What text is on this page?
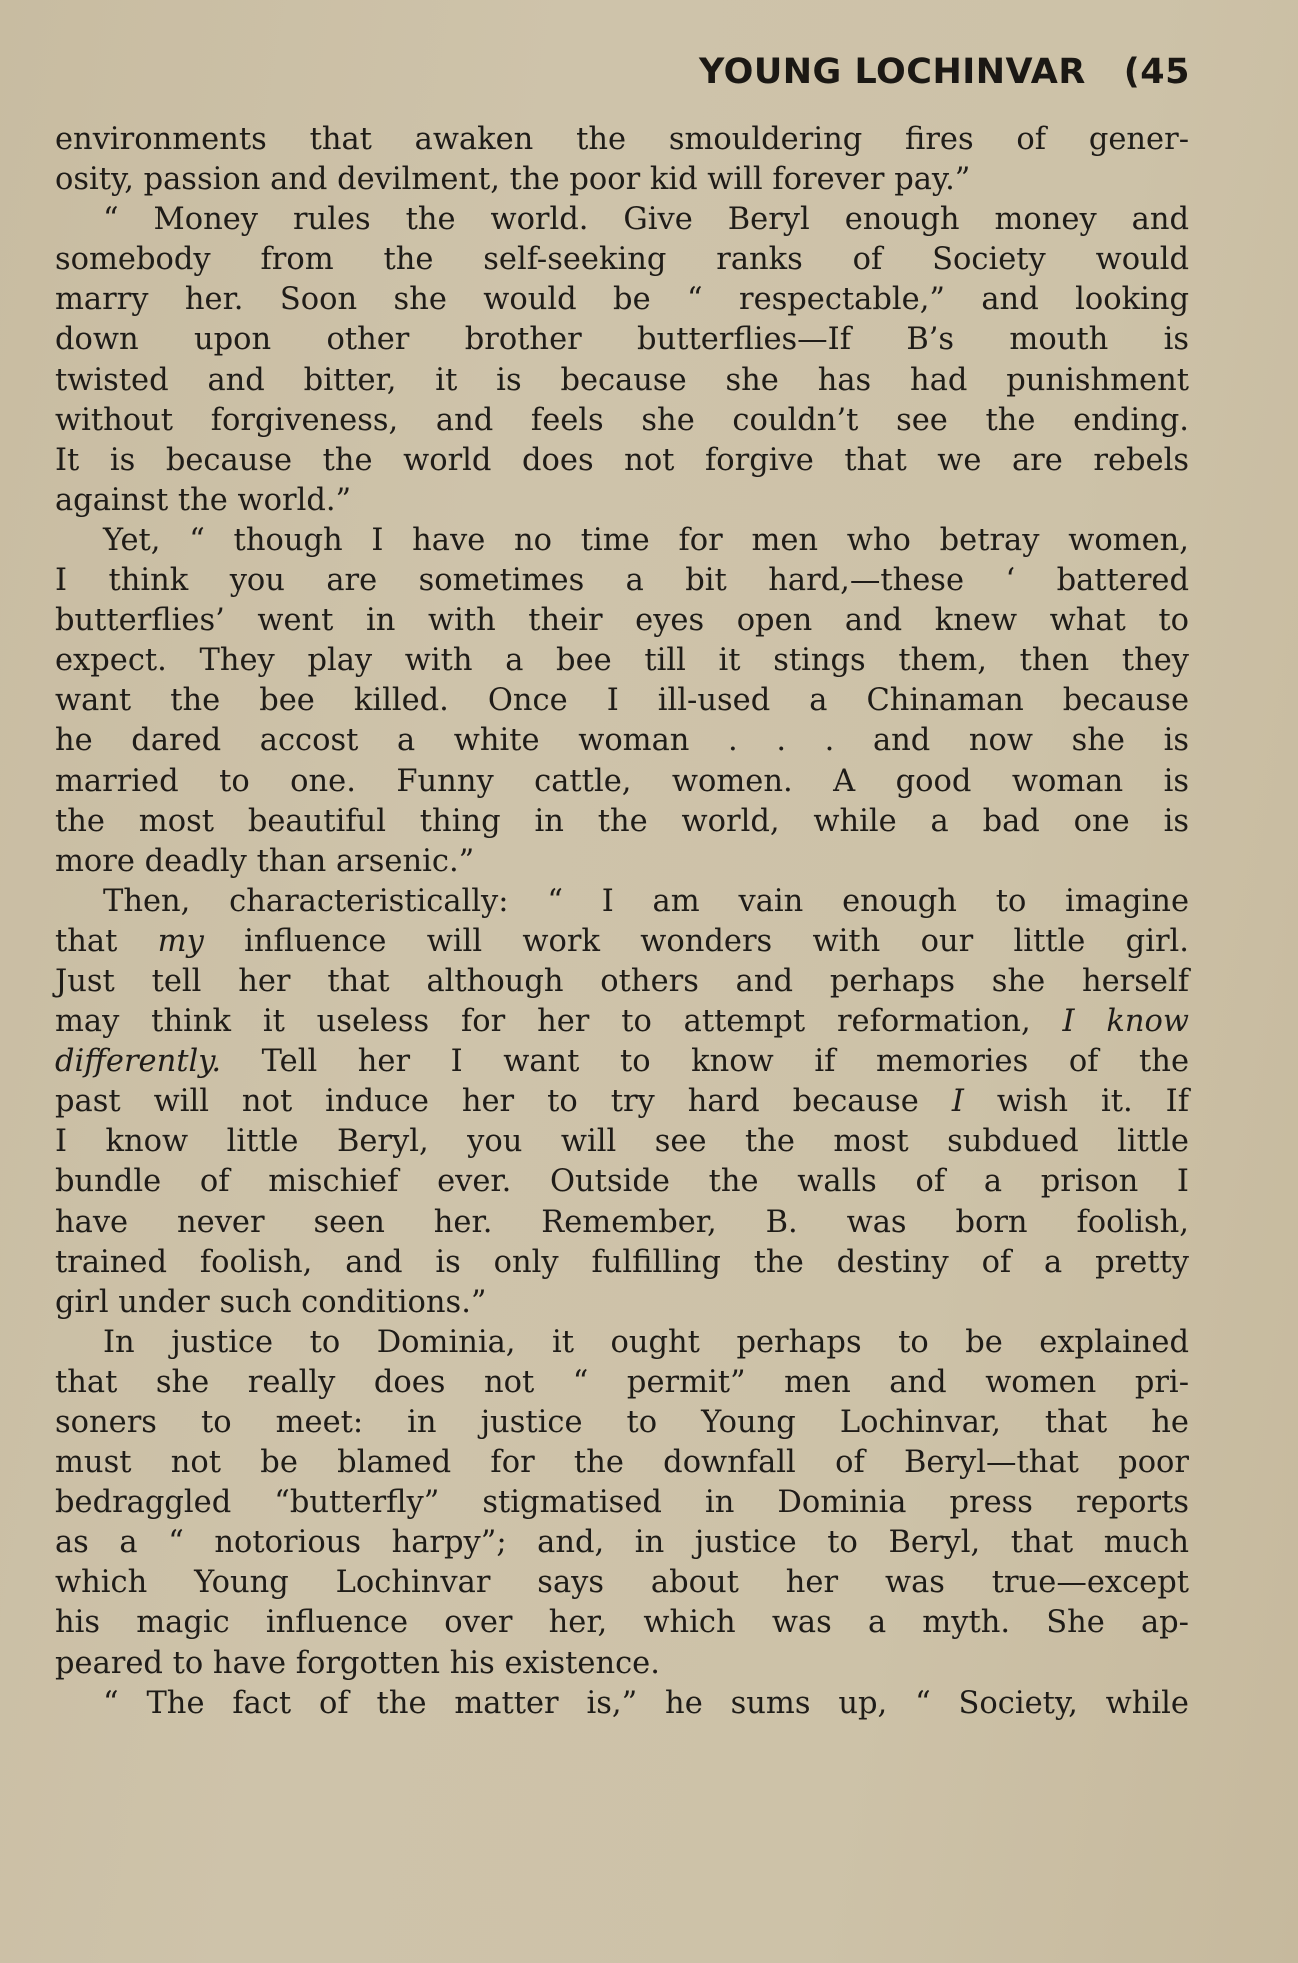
YOUNG LOCHINVAR (45
environments that awaken the smouldering fires of gener-
osity, passion and devilment, the poor kid will forever pay.”
“ Money rules the world. Give Beryl enough money and
somebody from the self-seeking ranks of Society would
marry her. Soon she would be “ respectable,” and looking
down upon other brother butterflies—If B’s mouth is
twisted and bitter, it is because she has had punishment
without forgiveness, and feels she couldn’t see the ending.
It is because the world does not forgive that we are rebels
against the world.”
Yet, “ though I have no time for men who betray women,
I think you are sometimes a bit hard,—these ‘ battered
butterflies’ went in with their eyes open and knew what to
expect. They play with a bee till it stings them, then they
want the bee killed. Once I ill-used a Chinaman because
he dared accost a white woman . . . and now she is
married to one. Funny cattle, women. A good woman is
the most beautiful thing in the world, while a bad one is
more deadly than arsenic.”
Then, characteristically: “ I am vain enough to imagine
that my influence will work wonders with our little girl.
Just tell her that although others and perhaps she herself
may think it useless for her to attempt reformation, I know
differently. Tell her I want to know if memories of the
past will not induce her to try hard because I wish it. If
I know little Beryl, you will see the most subdued little
bundle of mischief ever. Outside the walls of a prison I
have never seen her. Remember, B. was born foolish,
trained foolish, and is only fulfilling the destiny of a pretty
girl under such conditions.”
In justice to Dominia, it ought perhaps to be explained
that she really does not “ permit” men and women pri-
soners to meet: in justice to Young Lochinvar, that he
must not be blamed for the downfall of Beryl—that poor
bedraggled “butterfly” stigmatised in Dominia press reports
as a “ notorious harpy”; and, in justice to Beryl, that much
which Young Lochinvar says about her was true—except
his magic influence over her, which was a myth. She ap-
peared to have forgotten his existence.
“ The fact of the matter is,” he sums up, “ Society, while
